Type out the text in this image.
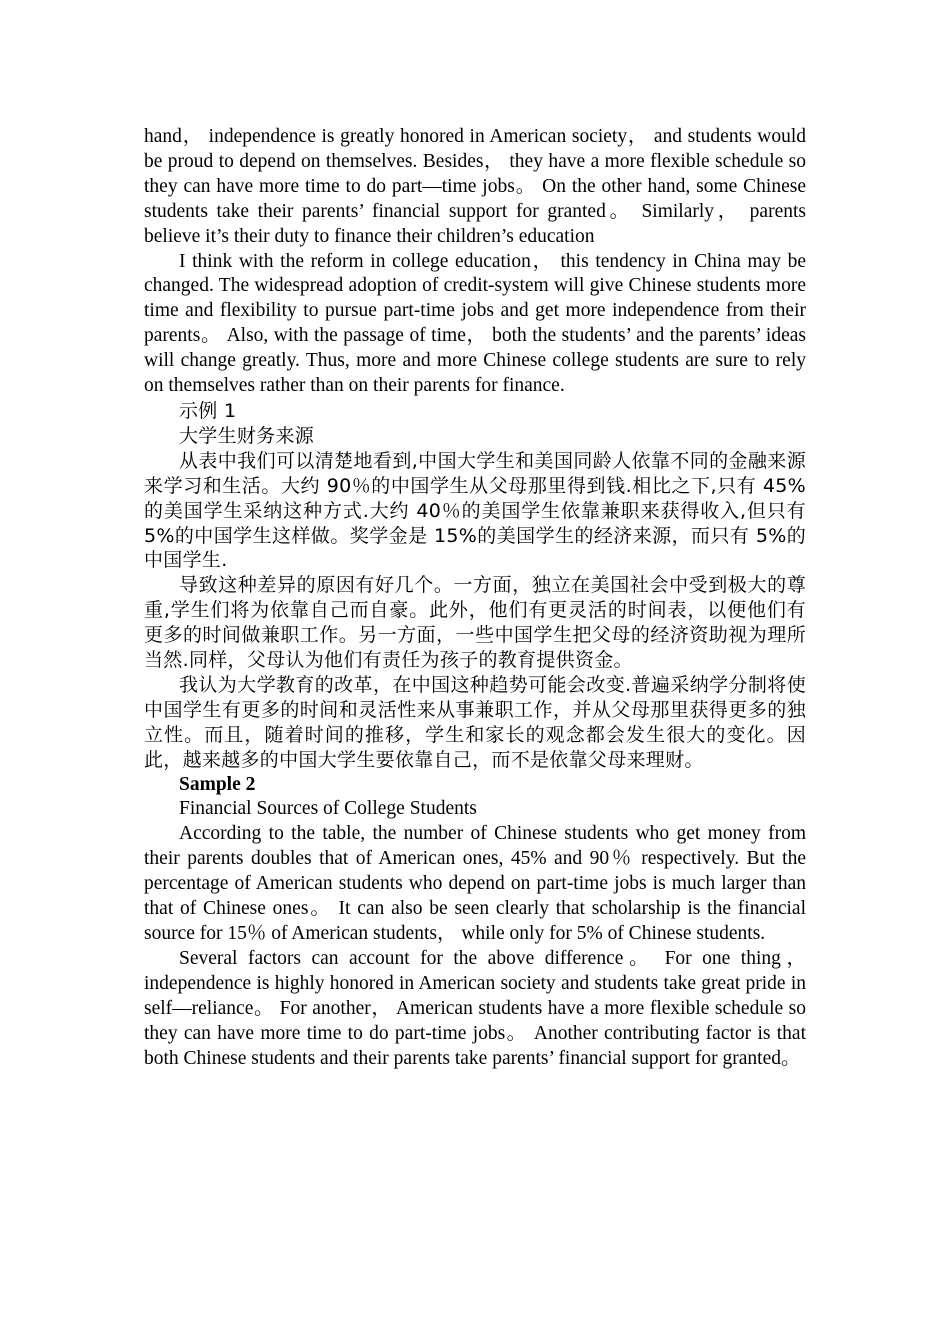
hand， independence is greatly honored in American society， and students would be proud to depend on themselves. Besides， they have a more flexible schedule so they can have more time to do part—time jobs。 On the other hand, some Chinese students take their parents’ financial support for granted。 Similarly， parents believe it’s their duty to finance their children’s education

I think with the reform in college education， this tendency in China may be changed. The widespread adoption of credit-system will give Chinese students more time and flexibility to pursue part-time jobs and get more independence from their parents。 Also, with the passage of time， both the students’ and the parents’ ideas will change greatly. Thus, more and more Chinese college students are sure to rely on themselves rather than on their parents for finance.

示例 1

大学生财务来源

从表中我们可以清楚地看到,中国大学生和美国同龄人依靠不同的金融来源来学习和生活。大约 90％的中国学生从父母那里得到钱.相比之下,只有 45%的美国学生采纳这种方式.大约 40％的美国学生依靠兼职来获得收入,但只有 5%的中国学生这样做。奖学金是 15%的美国学生的经济来源，而只有 5%的中国学生.

导致这种差异的原因有好几个。一方面，独立在美国社会中受到极大的尊重,学生们将为依靠自己而自豪。此外，他们有更灵活的时间表，以便他们有更多的时间做兼职工作。另一方面，一些中国学生把父母的经济资助视为理所当然.同样，父母认为他们有责任为孩子的教育提供资金。

我认为大学教育的改革，在中国这种趋势可能会改变.普遍采纳学分制将使中国学生有更多的时间和灵活性来从事兼职工作，并从父母那里获得更多的独立性。而且，随着时间的推移，学生和家长的观念都会发生很大的变化。因此，越来越多的中国大学生要依靠自己，而不是依靠父母来理财。

Sample 2

Financial Sources of College Students

According to the table, the number of Chinese students who get money from their parents doubles that of American ones, 45% and 90％ respectively. But the percentage of American students who depend on part-time jobs is much larger than that of Chinese ones。 It can also be seen clearly that scholarship is the financial source for 15％ of American students， while only for 5% of Chinese students.

Several factors can account for the above difference。 For one thing， independence is highly honored in American society and students take great pride in self—reliance。 For another， American students have a more flexible schedule so they can have more time to do part-time jobs。 Another contributing factor is that both Chinese students and their parents take parents’ financial support for granted。
